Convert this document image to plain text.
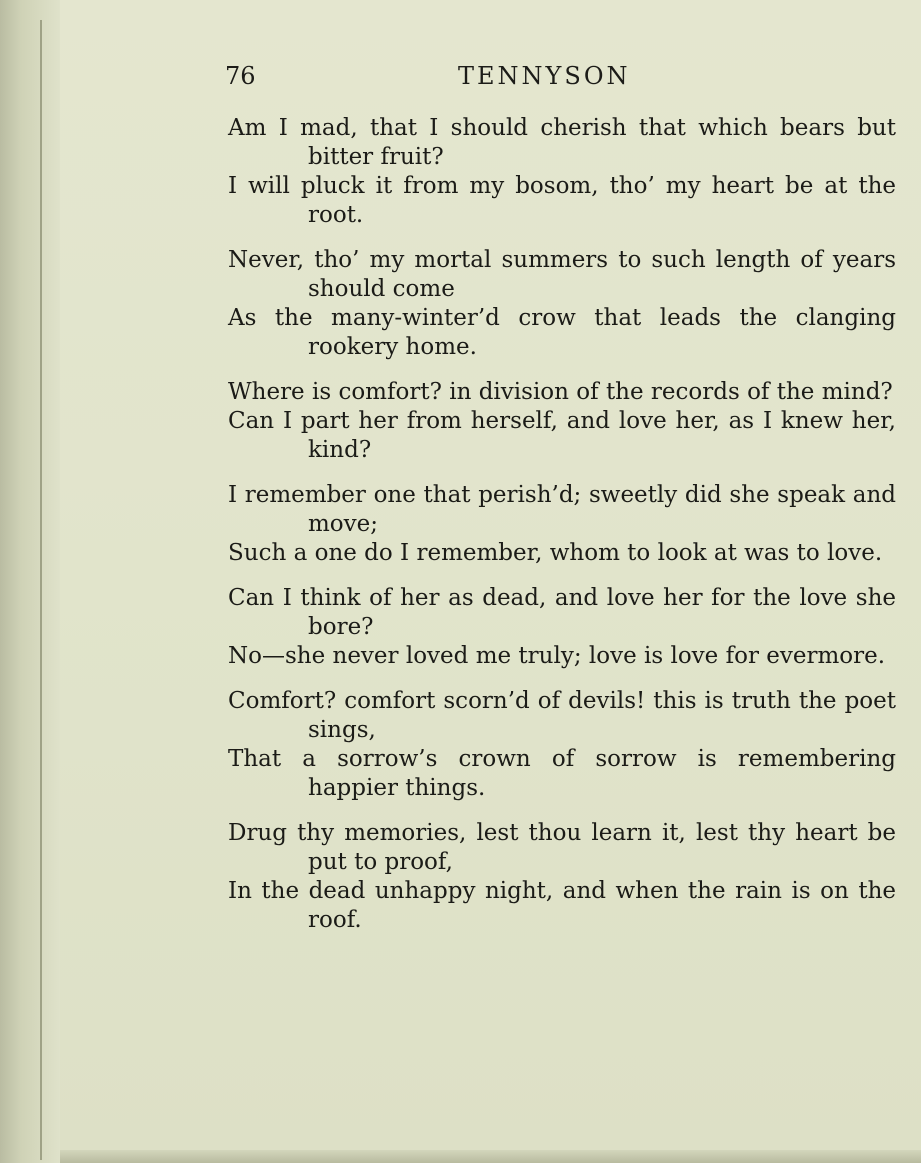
76	TENNYSON

Am I mad, that I should cherish that which bears but bitter fruit?

I will pluck it from my bosom, tho’ my heart be at the root.

Never, tho’ my mortal summers to such length of years should come

As the many-winter’d crow that leads the clanging rookery home.

Where is comfort? in division of the records of the mind?

Can I part her from herself, and love her, as I knew her, kind?

I remember one that perish’d; sweetly did she speak and move;

Such a one do I remember, whom to look at was to love.

Can I think of her as dead, and love her for the love she bore?

No—she never loved me truly; love is love for evermore.

Comfort? comfort scorn’d of devils! this is truth the poet sings,

That a sorrow’s crown of sorrow is remembering happier things.

Drug thy memories, lest thou learn it, lest thy heart be put to proof,

In the dead unhappy night, and when the rain is on the roof.
